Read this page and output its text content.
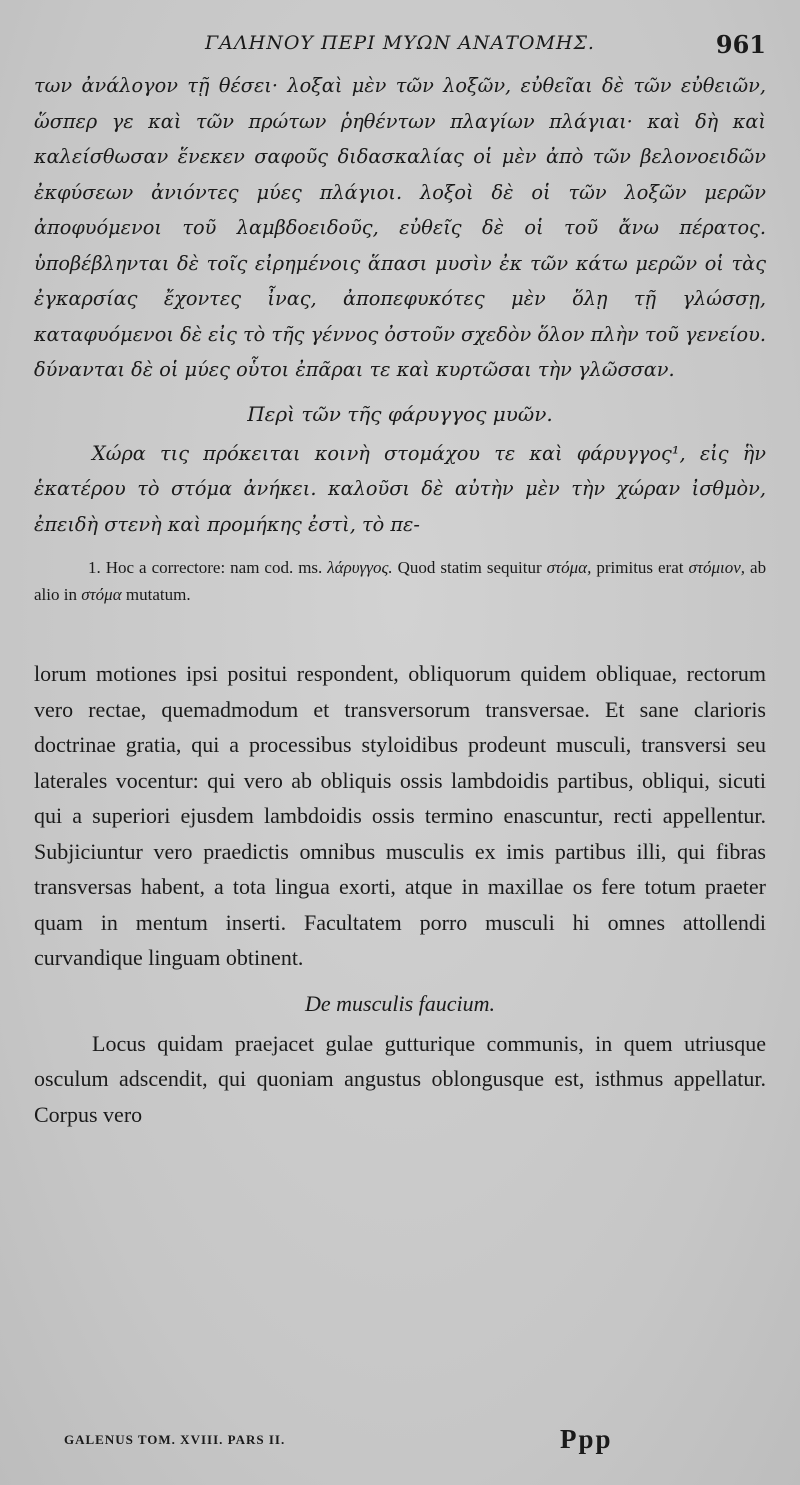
ΓΑΛΗΝΟΥ ΠΕΡΙ ΜΥΩΝ ΑΝΑΤΟΜΗΣ.	961

των ἀνάλογον τῇ θέσει· λοξαὶ μὲν τῶν λοξῶν, εὐθεῖαι δὲ τῶν εὐθειῶν, ὥσπερ γε καὶ τῶν πρώτων ῥηθέντων πλαγίων πλάγιαι· καὶ δὴ καὶ καλείσθωσαν ἕνεκεν σαφοῦς διδασκαλίας οἱ μὲν ἀπὸ τῶν βελονοειδῶν ἐκφύσεων ἀνιόντες μύες πλάγιοι. λοξοὶ δὲ οἱ τῶν λοξῶν μερῶν ἀποφυόμενοι τοῦ λαμβδοειδοῦς, εὐθεῖς δὲ οἱ τοῦ ἄνω πέρατος. ὑποβέβληνται δὲ τοῖς εἰρημένοις ἅπασι μυσὶν ἐκ τῶν κάτω μερῶν οἱ τὰς ἐγκαρσίας ἔχοντες ἶνας, ἀποπεφυκότες μὲν ὅλῃ τῇ γλώσσῃ, καταφυόμενοι δὲ εἰς τὸ τῆς γέννος ὀστοῦν σχεδὸν ὅλον πλὴν τοῦ γενείου. δύνανται δὲ οἱ μύες οὗτοι ἐπᾶραι τε καὶ κυρτῶσαι τὴν γλῶσσαν.

Περὶ τῶν τῆς φάρυγγος μυῶν.

Χώρα τις πρόκειται κοινὴ στομάχου τε καὶ φάρυγγος¹, εἰς ἣν ἑκατέρου τὸ στόμα ἀνήκει. καλοῦσι δὲ αὐτὴν μὲν τὴν χώραν ἰσθμὸν, ἐπειδὴ στενὴ καὶ προμήκης ἐστὶ, τὸ πε-

1. Hoc a correctore: nam cod. ms. λάρυγγος. Quod statim sequitur στόμα, primitus erat στόμιον, ab alio in στόμα mutatum.

lorum motiones ipsi positui respondent, obliquorum quidem obliquae, rectorum vero rectae, quemadmodum et transversorum transversae. Et sane clarioris doctrinae gratia, qui a processibus styloidibus prodeunt musculi, transversi seu laterales vocentur: qui vero ab obliquis ossis lambdoidis partibus, obliqui, sicuti qui a superiori ejusdem lambdoidis ossis termino enascuntur, recti appellentur. Subjiciuntur vero praedictis omnibus musculis ex imis partibus illi, qui fibras transversas habent, a tota lingua exorti, atque in maxillae os fere totum praeter quam in mentum inserti. Facultatem porro musculi hi omnes attollendi curvandique linguam obtinent.

De musculis faucium.

Locus quidam praejacet gulae gutturique communis, in quem utriusque osculum adscendit, qui quoniam angustus oblongusque est, isthmus appellatur. Corpus vero

GALENUS TOM. XVIII. PARS II.	Ppp
